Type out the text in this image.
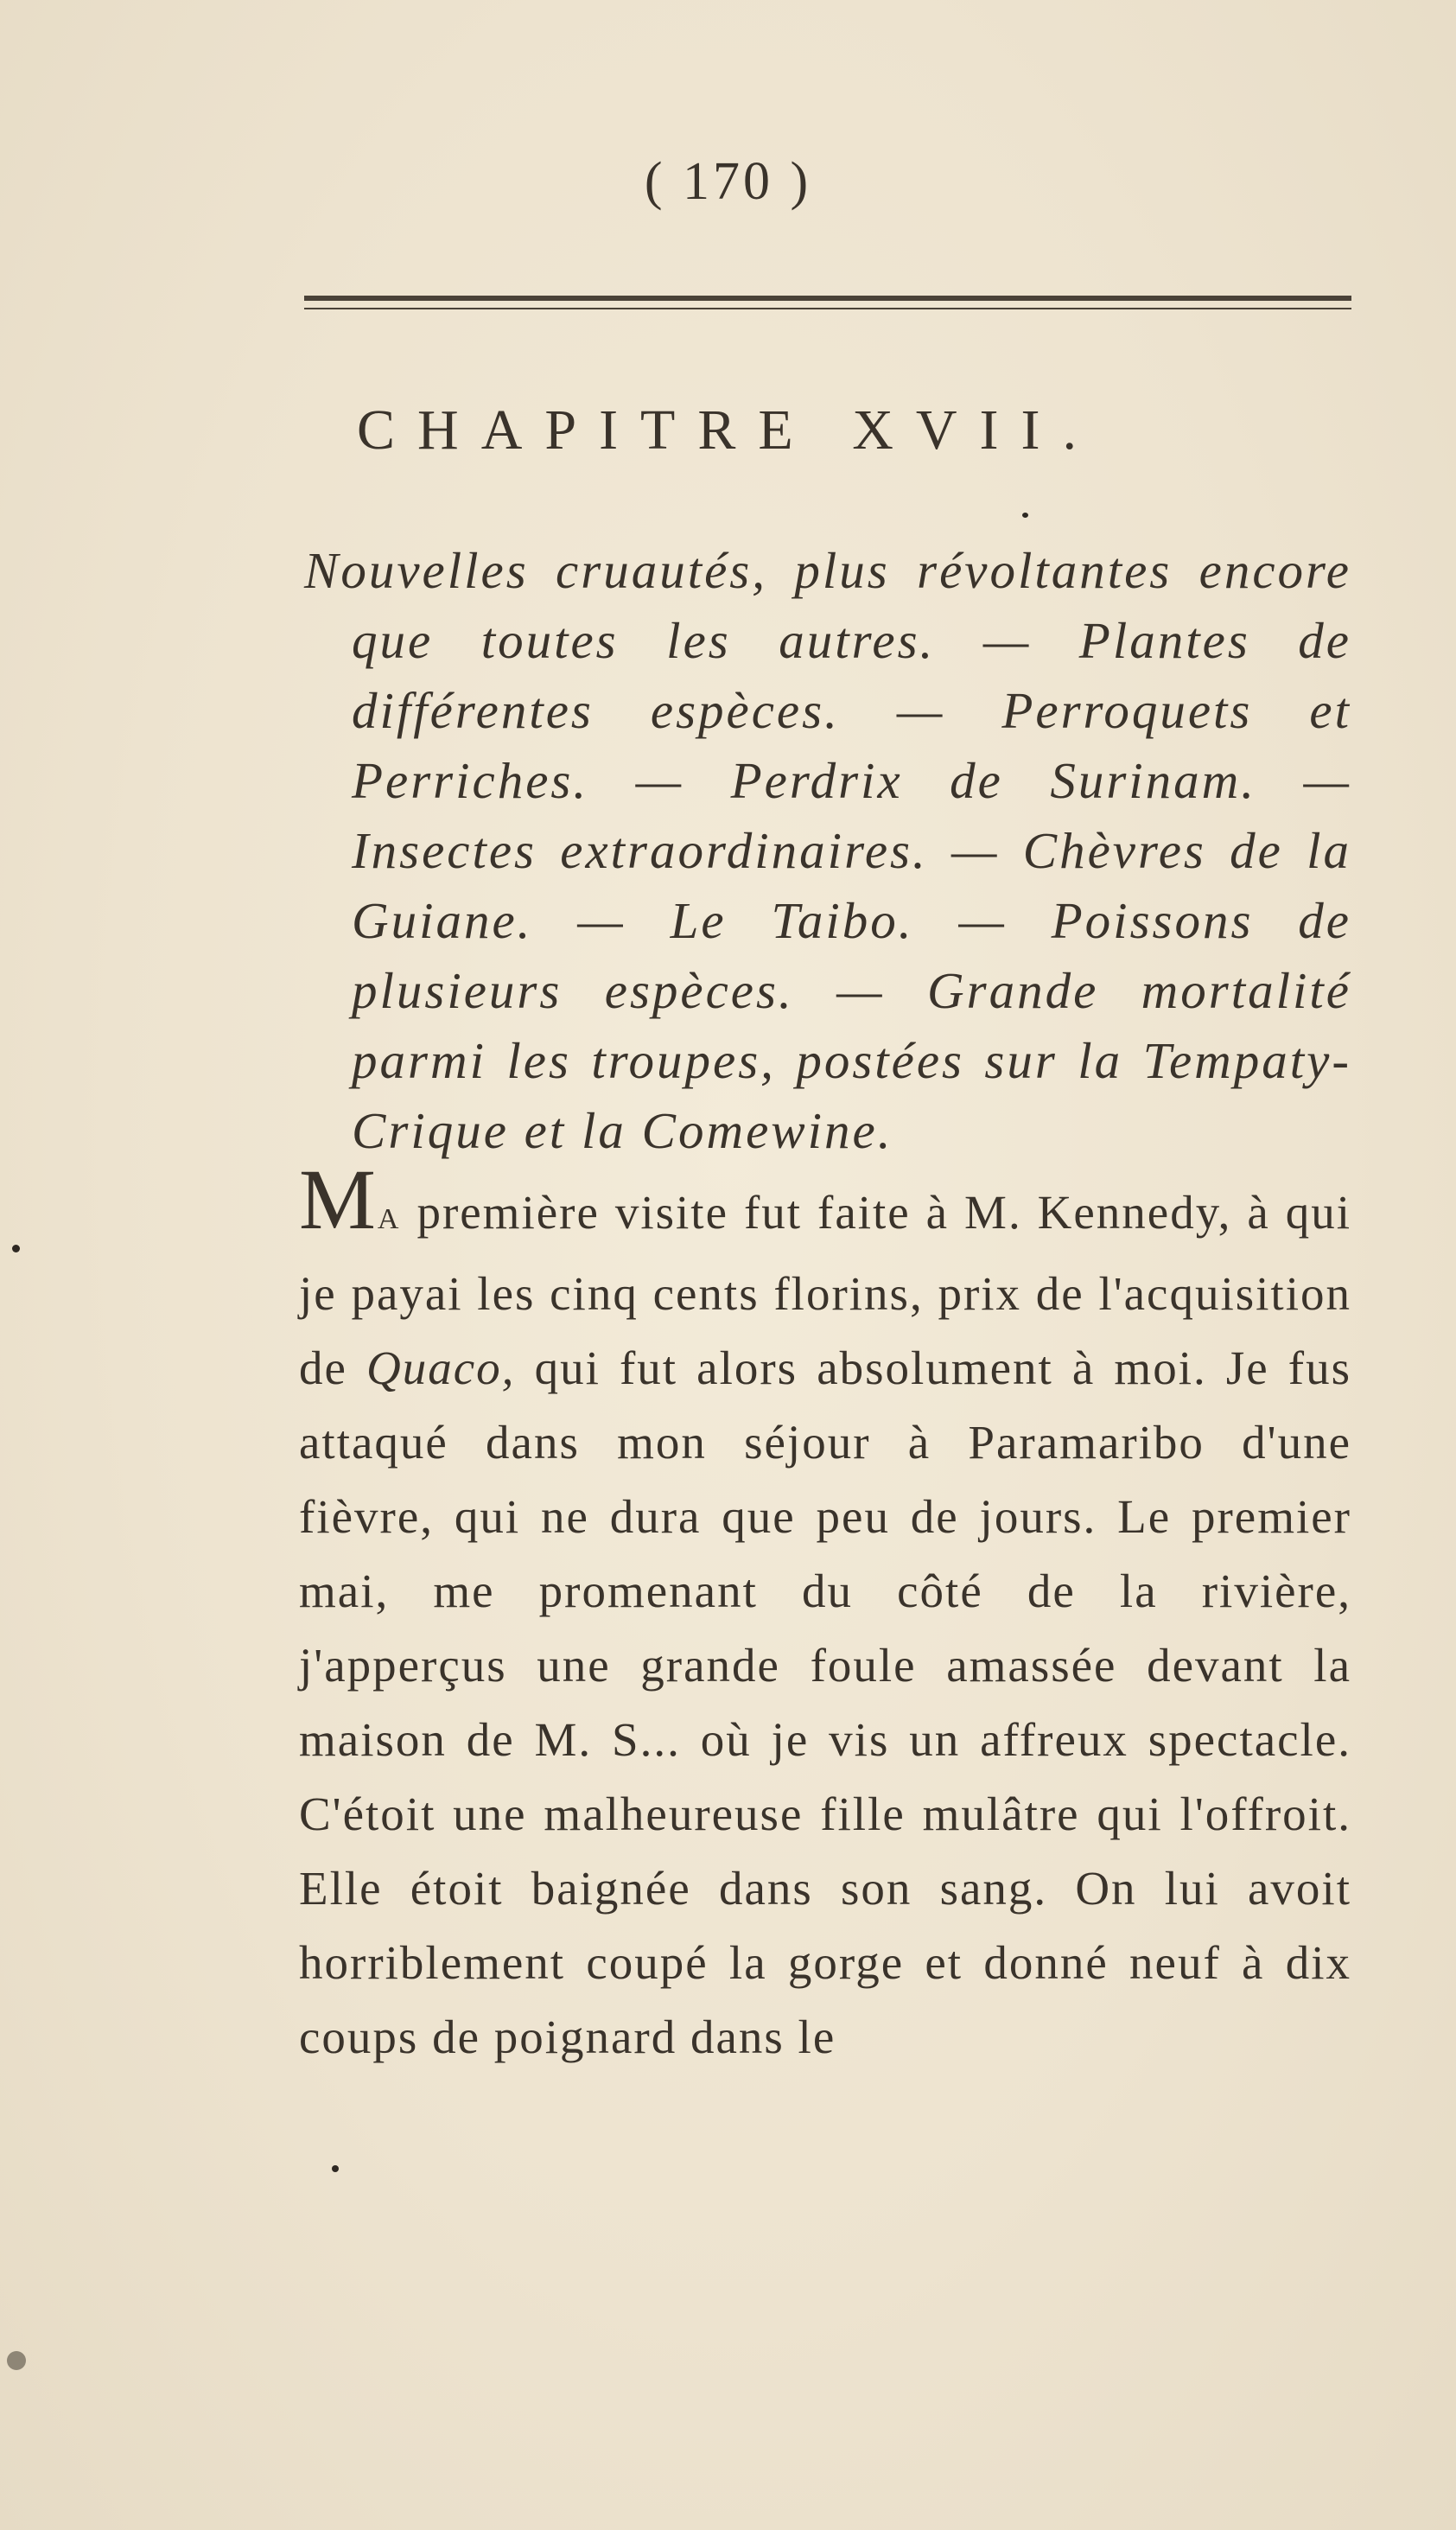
( 170 )
CHAPITRE XVII.
Nouvelles cruautés, plus révoltantes encore que toutes les autres. — Plantes de différentes espèces. — Perroquets et Perriches. — Perdrix de Surinam. — Insectes extraordinaires. — Chèvres de la Guiane. — Le Taibo. — Poissons de plusieurs espèces. — Grande mortalité parmi les troupes, postées sur la Tempaty-Crique et la Comewine.
MA première visite fut faite à M. Kennedy, à qui je payai les cinq cents florins, prix de l'acquisition de Quaco, qui fut alors absolument à moi. Je fus attaqué dans mon séjour à Paramaribo d'une fièvre, qui ne dura que peu de jours. Le premier mai, me promenant du côté de la rivière, j'apperçus une grande foule amassée devant la maison de M. S... où je vis un affreux spectacle. C'étoit une malheureuse fille mulâtre qui l'offroit. Elle étoit baignée dans son sang. On lui avoit horriblement coupé la gorge et donné neuf à dix coups de poignard dans le
